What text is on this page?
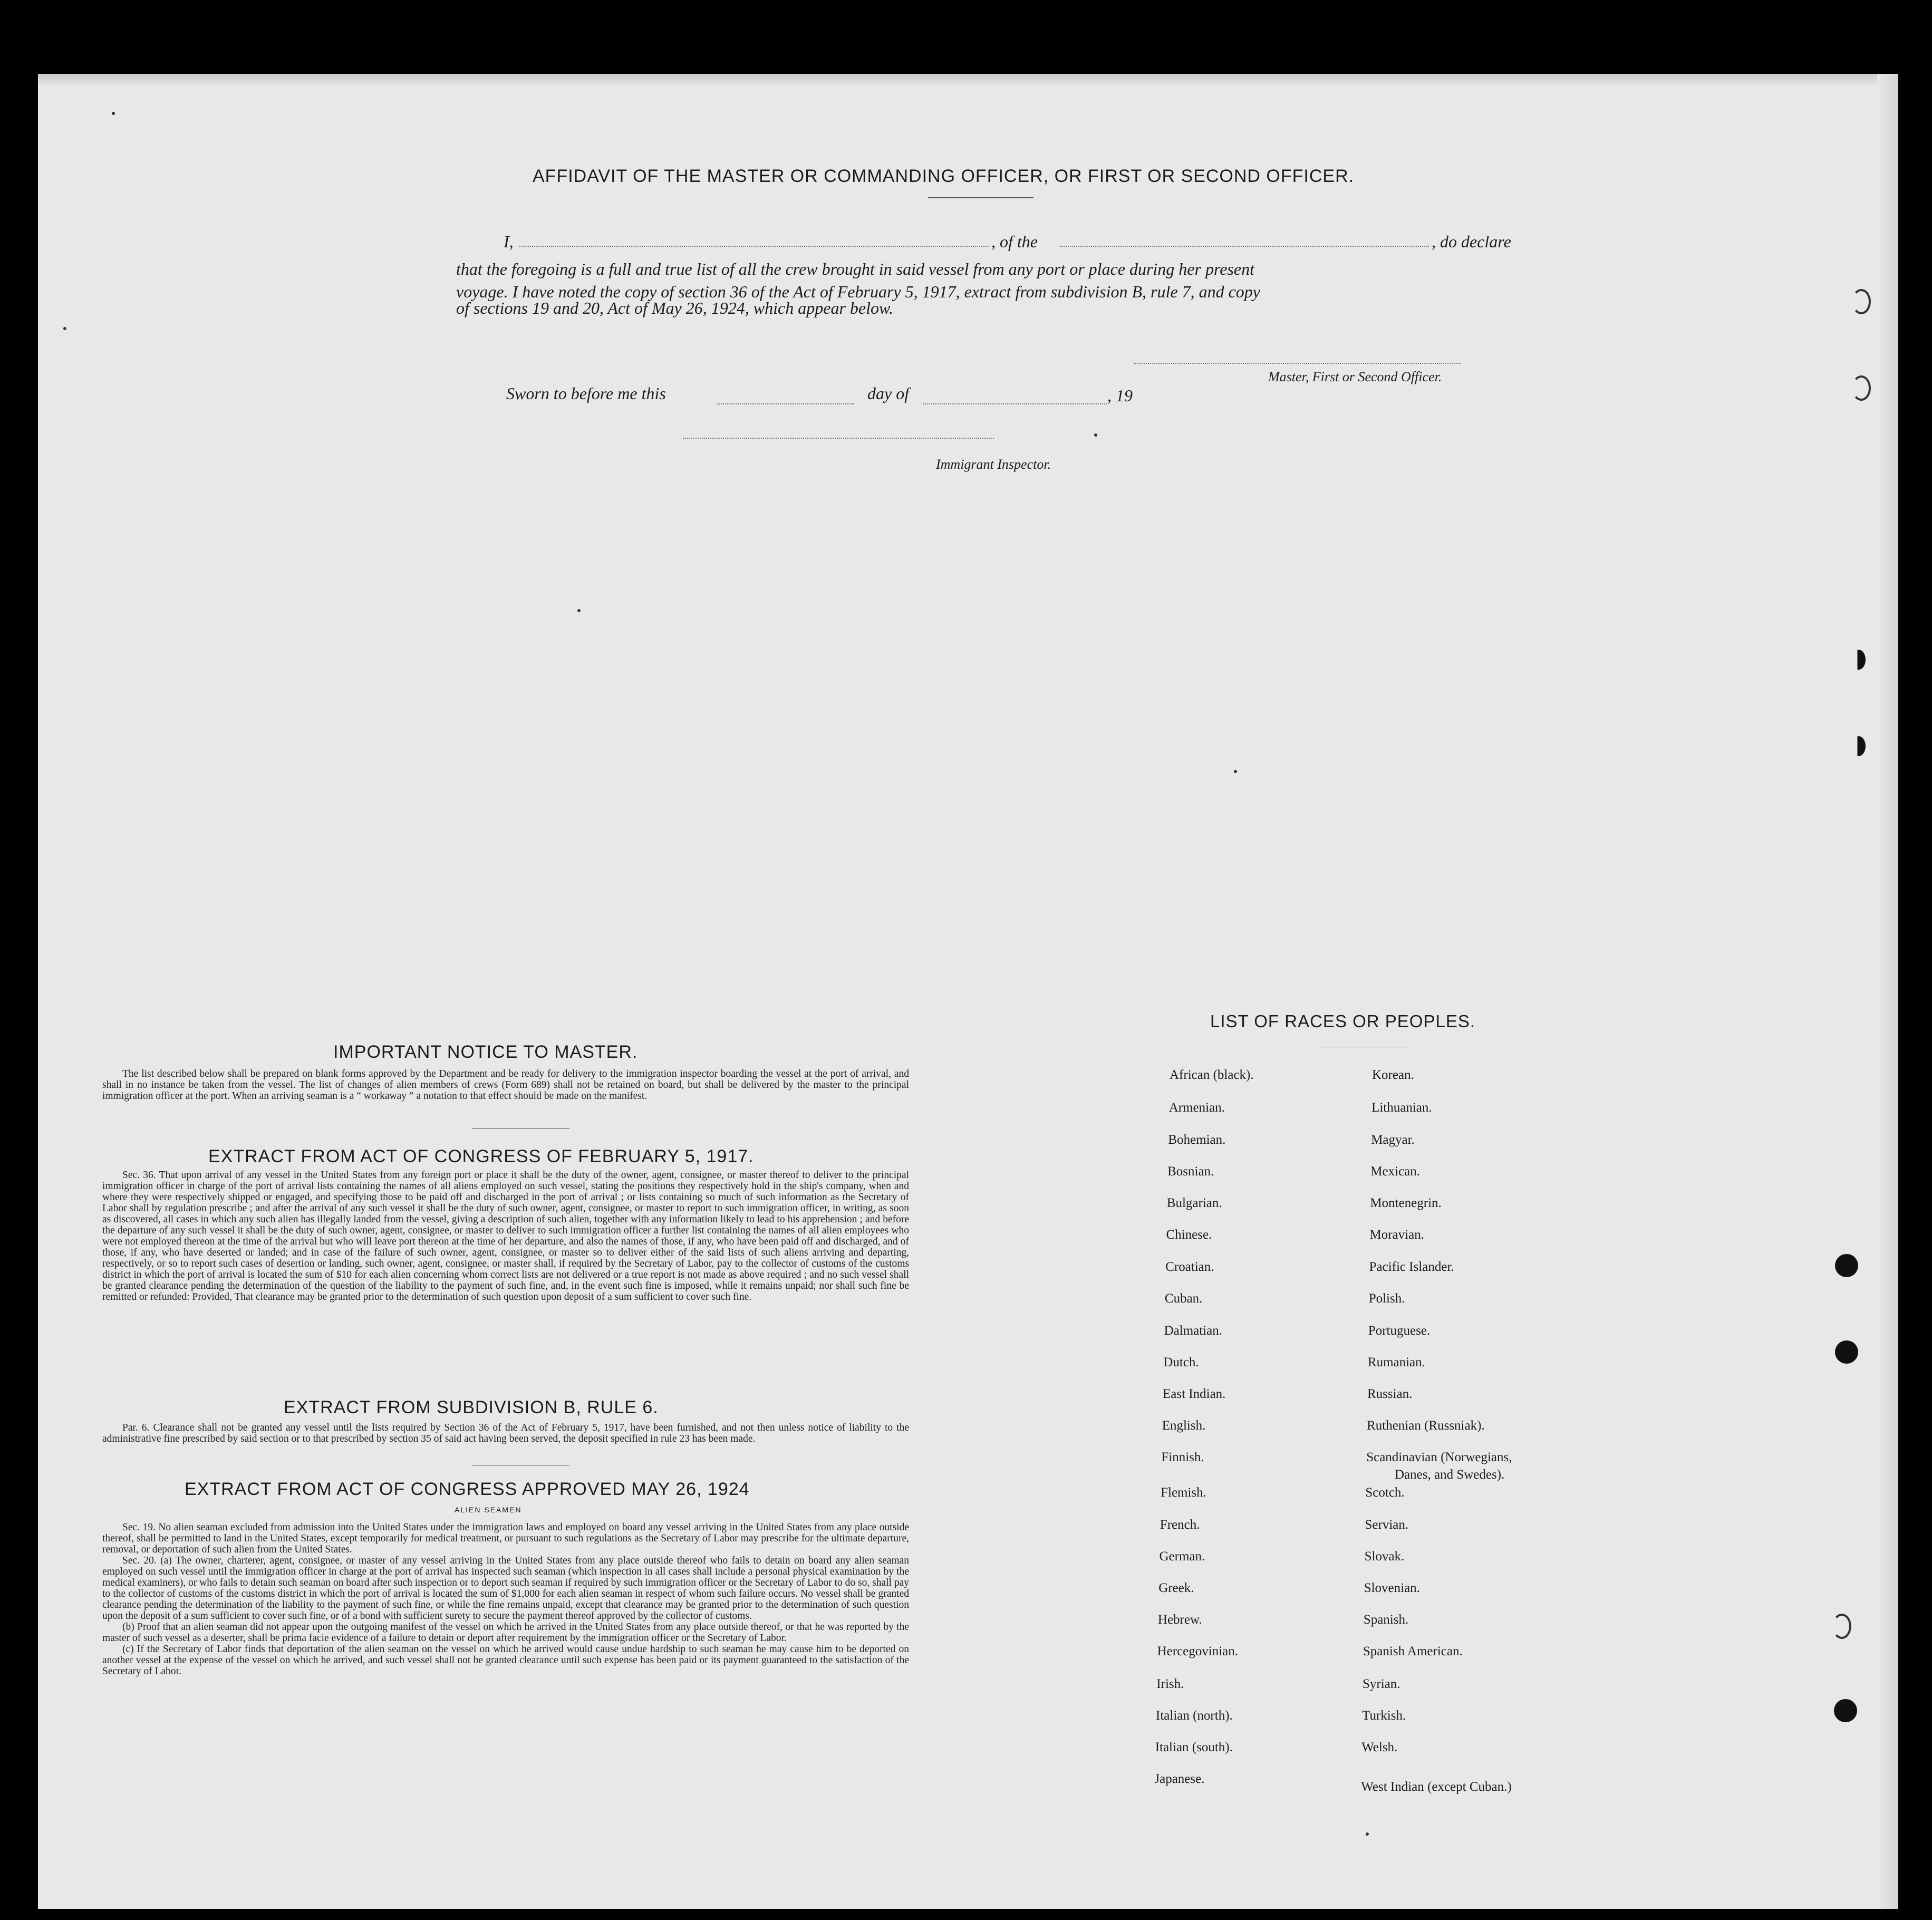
AFFIDAVIT OF THE MASTER OR COMMANDING OFFICER, OR FIRST OR SECOND OFFICER.
I,	, of the	, do declare
that the foregoing is a full and true list of all the crew brought in said vessel from any port or place during her present
voyage. I have noted the copy of section 36 of the Act of February 5, 1917, extract from subdivision B, rule 7, and copy
of sections 19 and 20, Act of May 26, 1924, which appear below.
Master, First or Second Officer.
Sworn to before me this	day of	, 19
Immigrant Inspector.
IMPORTANT NOTICE TO MASTER.

The list described below shall be prepared on blank forms approved by the Department and be ready for delivery to the immigration inspector boarding the vessel at the port of arrival, and shall in no instance be taken from the vessel. The list of changes of alien members of crews (Form 689) shall not be retained on board, but shall be delivered by the master to the principal immigration officer at the port. When an arriving seaman is a “ workaway ” a notation to that effect should be made on the manifest.

EXTRACT FROM ACT OF CONGRESS OF FEBRUARY 5, 1917.

Sec. 36. That upon arrival of any vessel in the United States from any foreign port or place it shall be the duty of the owner, agent, consignee, or master thereof to deliver to the principal immigration officer in charge of the port of arrival lists containing the names of all aliens employed on such vessel, stating the positions they respectively hold in the ship's company, when and where they were respectively shipped or engaged, and specifying those to be paid off and discharged in the port of arrival ; or lists containing so much of such information as the Secretary of Labor shall by regulation prescribe ; and after the arrival of any such vessel it shall be the duty of such owner, agent, consignee, or master to report to such immigration officer, in writing, as soon as discovered, all cases in which any such alien has illegally landed from the vessel, giving a description of such alien, together with any information likely to lead to his apprehension ; and before the departure of any such vessel it shall be the duty of such owner, agent, consignee, or master to deliver to such immigration officer a further list containing the names of all alien employees who were not employed thereon at the time of the arrival but who will leave port thereon at the time of her departure, and also the names of those, if any, who have been paid off and discharged, and of those, if any, who have deserted or landed; and in case of the failure of such owner, agent, consignee, or master so to deliver either of the said lists of such aliens arriving and departing, respectively, or so to report such cases of desertion or landing, such owner, agent, consignee, or master shall, if required by the Secretary of Labor, pay to the collector of customs of the customs district in which the port of arrival is located the sum of $10 for each alien concerning whom correct lists are not delivered or a true report is not made as above required ; and no such vessel shall be granted clearance pending the determination of the question of the liability to the payment of such fine, and, in the event such fine is imposed, while it remains unpaid; nor shall such fine be remitted or refunded: Provided, That clearance may be granted prior to the determination of such question upon deposit of a sum sufficient to cover such fine.

EXTRACT FROM SUBDIVISION B, RULE 6.

Par. 6. Clearance shall not be granted any vessel until the lists required by Section 36 of the Act of February 5, 1917, have been furnished, and not then unless notice of liability to the administrative fine prescribed by said section or to that prescribed by section 35 of said act having been served, the deposit specified in rule 23 has been made.

EXTRACT FROM ACT OF CONGRESS APPROVED MAY 26, 1924
ALIEN SEAMEN

Sec. 19. No alien seaman excluded from admission into the United States under the immigration laws and employed on board any vessel arriving in the United States from any place outside thereof, shall be permitted to land in the United States, except temporarily for medical treatment, or pursuant to such regulations as the Secretary of Labor may prescribe for the ultimate departure, removal, or deportation of such alien from the United States.

Sec. 20. (a) The owner, charterer, agent, consignee, or master of any vessel arriving in the United States from any place outside thereof who fails to detain on board any alien seaman employed on such vessel until the immigration officer in charge at the port of arrival has inspected such seaman (which inspection in all cases shall include a personal physical examination by the medical examiners), or who fails to detain such seaman on board after such inspection or to deport such seaman if required by such immigration officer or the Secretary of Labor to do so, shall pay to the collector of customs of the customs district in which the port of arrival is located the sum of $1,000 for each alien seaman in respect of whom such failure occurs. No vessel shall be granted clearance pending the determination of the liability to the payment of such fine, or while the fine remains unpaid, except that clearance may be granted prior to the determination of such question upon the deposit of a sum sufficient to cover such fine, or of a bond with sufficient surety to secure the payment thereof approved by the collector of customs.

(b) Proof that an alien seaman did not appear upon the outgoing manifest of the vessel on which he arrived in the United States from any place outside thereof, or that he was reported by the master of such vessel as a deserter, shall be prima facie evidence of a failure to detain or deport after requirement by the immigration officer or the Secretary of Labor.

(c) If the Secretary of Labor finds that deportation of the alien seaman on the vessel on which he arrived would cause undue hardship to such seaman he may cause him to be deported on another vessel at the expense of the vessel on which he arrived, and such vessel shall not be granted clearance until such expense has been paid or its payment guaranteed to the satisfaction of the Secretary of Labor.

LIST OF RACES OR PEOPLES.
African (black).
Armenian.
Bohemian.
Bosnian.
Bulgarian.
Chinese.
Croatian.
Cuban.
Dalmatian.
Dutch.
East Indian.
English.
Finnish.
Flemish.
French.
German.
Greek.
Hebrew.
Hercegovinian.
Irish.
Italian (north).
Italian (south).
Japanese.
Korean.
Lithuanian.
Magyar.
Mexican.
Montenegrin.
Moravian.
Pacific Islander.
Polish.
Portuguese.
Rumanian.
Russian.
Ruthenian (Russniak).
Scandinavian (Norwegians,
Danes, and Swedes).
Scotch.
Servian.
Slovak.
Slovenian.
Spanish.
Spanish American.
Syrian.
Turkish.
Welsh.
West Indian (except Cuban.)
